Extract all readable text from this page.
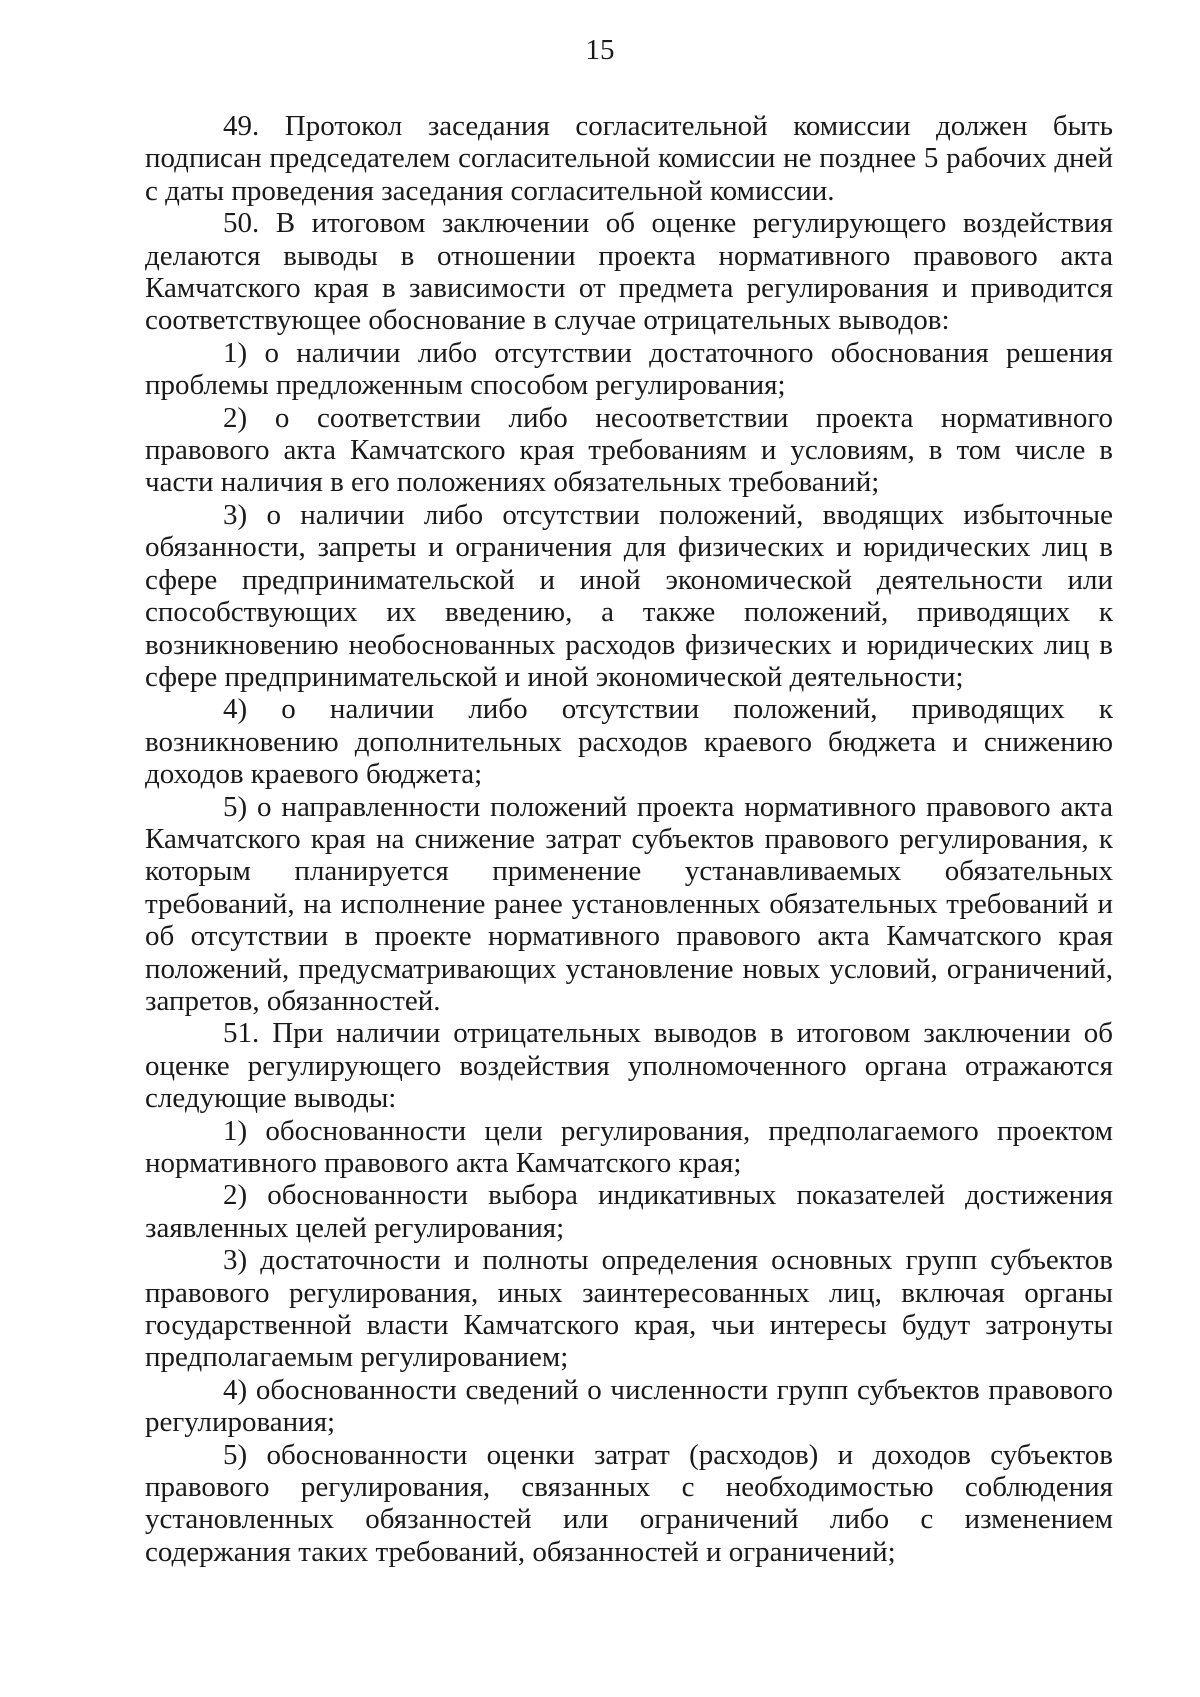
15

49. Протокол заседания согласительной комиссии должен быть подписан председателем согласительной комиссии не позднее 5 рабочих дней с даты проведения заседания согласительной комиссии.

50. В итоговом заключении об оценке регулирующего воздействия делаются выводы в отношении проекта нормативного правового акта Камчатского края в зависимости от предмета регулирования и приводится соответствующее обоснование в случае отрицательных выводов:

1) о наличии либо отсутствии достаточного обоснования решения проблемы предложенным способом регулирования;

2) о соответствии либо несоответствии проекта нормативного правового акта Камчатского края требованиям и условиям, в том числе в части наличия в его положениях обязательных требований;

3) о наличии либо отсутствии положений, вводящих избыточные обязанности, запреты и ограничения для физических и юридических лиц в сфере предпринимательской и иной экономической деятельности или способствующих их введению, а также положений, приводящих к возникновению необоснованных расходов физических и юридических лиц в сфере предпринимательской и иной экономической деятельности;

4) о наличии либо отсутствии положений, приводящих к возникновению дополнительных расходов краевого бюджета и снижению доходов краевого бюджета;

5) о направленности положений проекта нормативного правового акта Камчатского края на снижение затрат субъектов правового регулирования, к которым планируется применение устанавливаемых обязательных требований, на исполнение ранее установленных обязательных требований и об отсутствии в проекте нормативного правового акта Камчатского края положений, предусматривающих установление новых условий, ограничений, запретов, обязанностей.

51. При наличии отрицательных выводов в итоговом заключении об оценке регулирующего воздействия уполномоченного органа отражаются следующие выводы:

1) обоснованности цели регулирования, предполагаемого проектом нормативного правового акта Камчатского края;

2) обоснованности выбора индикативных показателей достижения заявленных целей регулирования;

3) достаточности и полноты определения основных групп субъектов правового регулирования, иных заинтересованных лиц, включая органы государственной власти Камчатского края, чьи интересы будут затронуты предполагаемым регулированием;

4) обоснованности сведений о численности групп субъектов правового регулирования;

5) обоснованности оценки затрат (расходов) и доходов субъектов правового регулирования, связанных с необходимостью соблюдения установленных обязанностей или ограничений либо с изменением содержания таких требований, обязанностей и ограничений;
